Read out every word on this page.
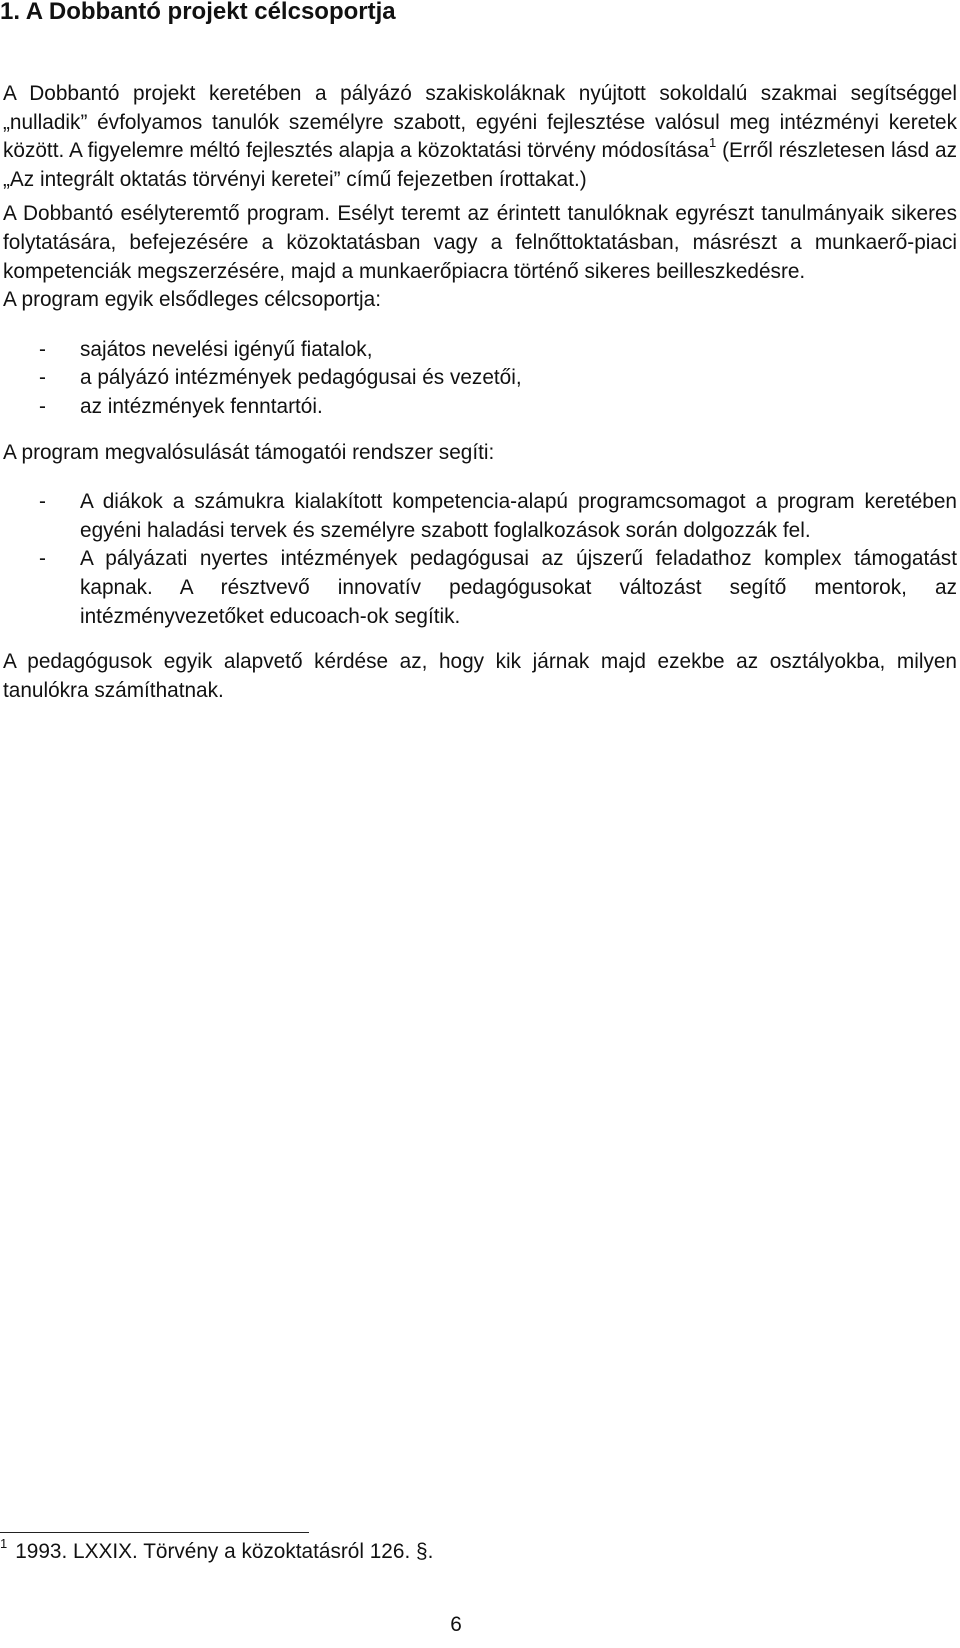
1. A Dobbantó projekt célcsoportja

A Dobbantó projekt keretében a pályázó szakiskoláknak nyújtott sokoldalú szakmai segítséggel „nulladik” évfolyamos tanulók személyre szabott, egyéni fejlesztése valósul meg intézményi keretek között. A figyelemre méltó fejlesztés alapja a közoktatási törvény módosítása$^1$ (Erről részletesen lásd az „Az integrált oktatás törvényi keretei” című fejezetben írottakat.)

A Dobbantó esélyteremtő program. Esélyt teremt az érintett tanulóknak egyrészt tanulmányaik sikeres folytatására, befejezésére a közoktatásban vagy a felnőttoktatásban, másrészt a munkaerő-piaci kompetenciák megszerzésére, majd a munkaerőpiacra történő sikeres beilleszkedésre.

A program egyik elsődleges célcsoportja:

- sajátos nevelési igényű fiatalok,
- a pályázó intézmények pedagógusai és vezetői,
- az intézmények fenntartói.

A program megvalósulását támogatói rendszer segíti:

- A diákok a számukra kialakított kompetencia-alapú programcsomagot a program keretében egyéni haladási tervek és személyre szabott foglalkozások során dolgozzák fel.
- A pályázati nyertes intézmények pedagógusai az újszerű feladathoz komplex támogatást kapnak. A résztvevő innovatív pedagógusokat változást segítő mentorok, az intézményvezetőket educoach-ok segítik.

A pedagógusok egyik alapvető kérdése az, hogy kik járnak majd ezekbe az osztályokba, milyen tanulókra számíthatnak.

$^1$ 1993. LXXIX. Törvény a közoktatásról 126. §.
6
